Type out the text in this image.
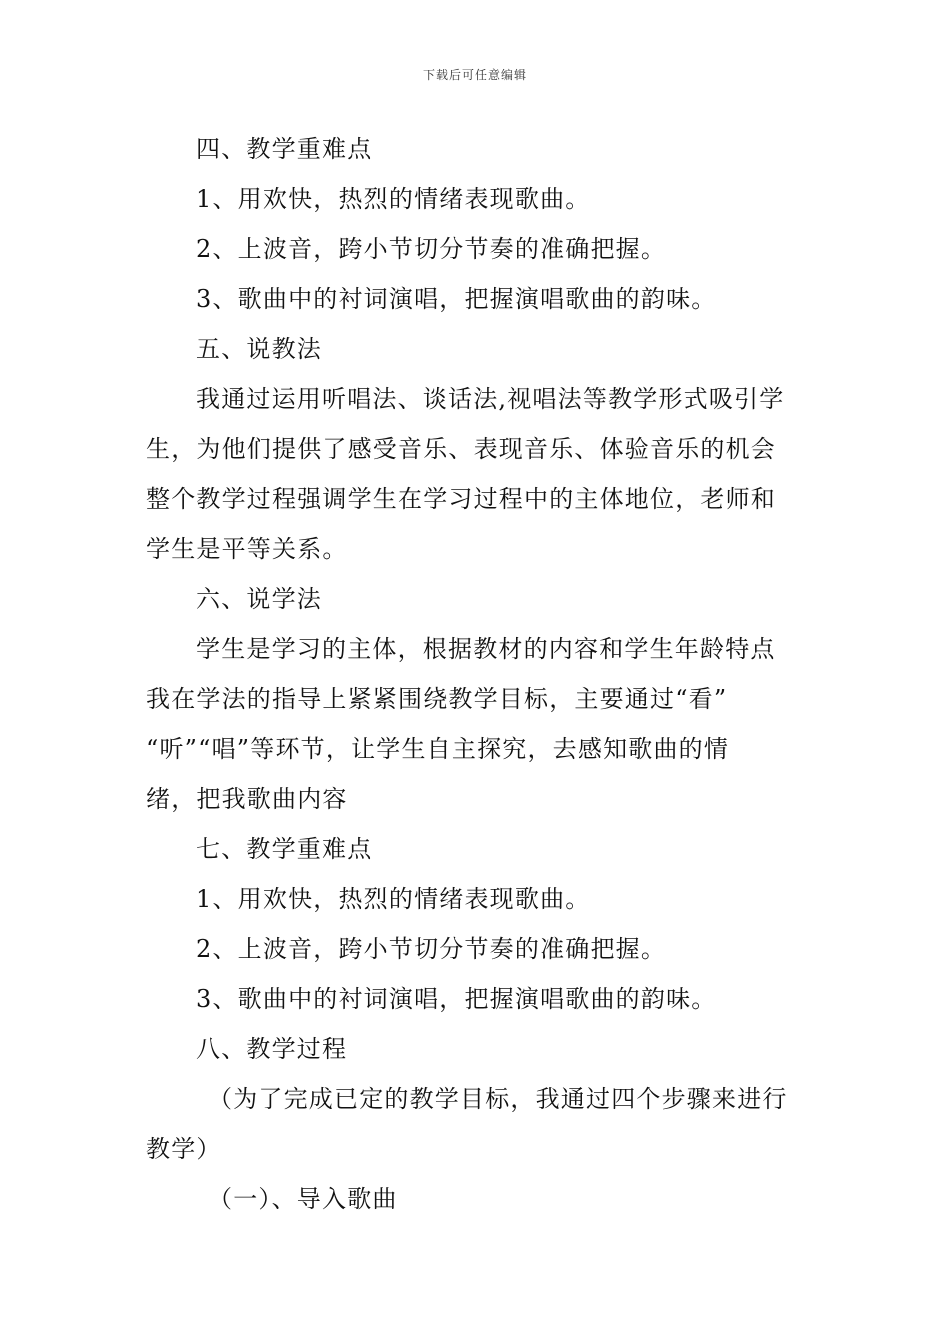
下载后可任意编辑
四、教学重难点
1、用欢快，热烈的情绪表现歌曲。
2、上波音，跨小节切分节奏的准确把握。
3、歌曲中的衬词演唱，把握演唱歌曲的韵味。
五、说教法
我通过运用听唱法、谈话法,视唱法等教学形式吸引学
生，为他们提供了感受音乐、表现音乐、体验音乐的机会
整个教学过程强调学生在学习过程中的主体地位，老师和
学生是平等关系。
六、说学法
学生是学习的主体，根据教材的内容和学生年龄特点
我在学法的指导上紧紧围绕教学目标，主要通过“看”
“听”“唱”等环节，让学生自主探究，去感知歌曲的情
绪，把我歌曲内容
七、教学重难点
1、用欢快，热烈的情绪表现歌曲。
2、上波音，跨小节切分节奏的准确把握。
3、歌曲中的衬词演唱，把握演唱歌曲的韵味。
八、教学过程
（为了完成已定的教学目标，我通过四个步骤来进行
教学）
（一）、导入歌曲
